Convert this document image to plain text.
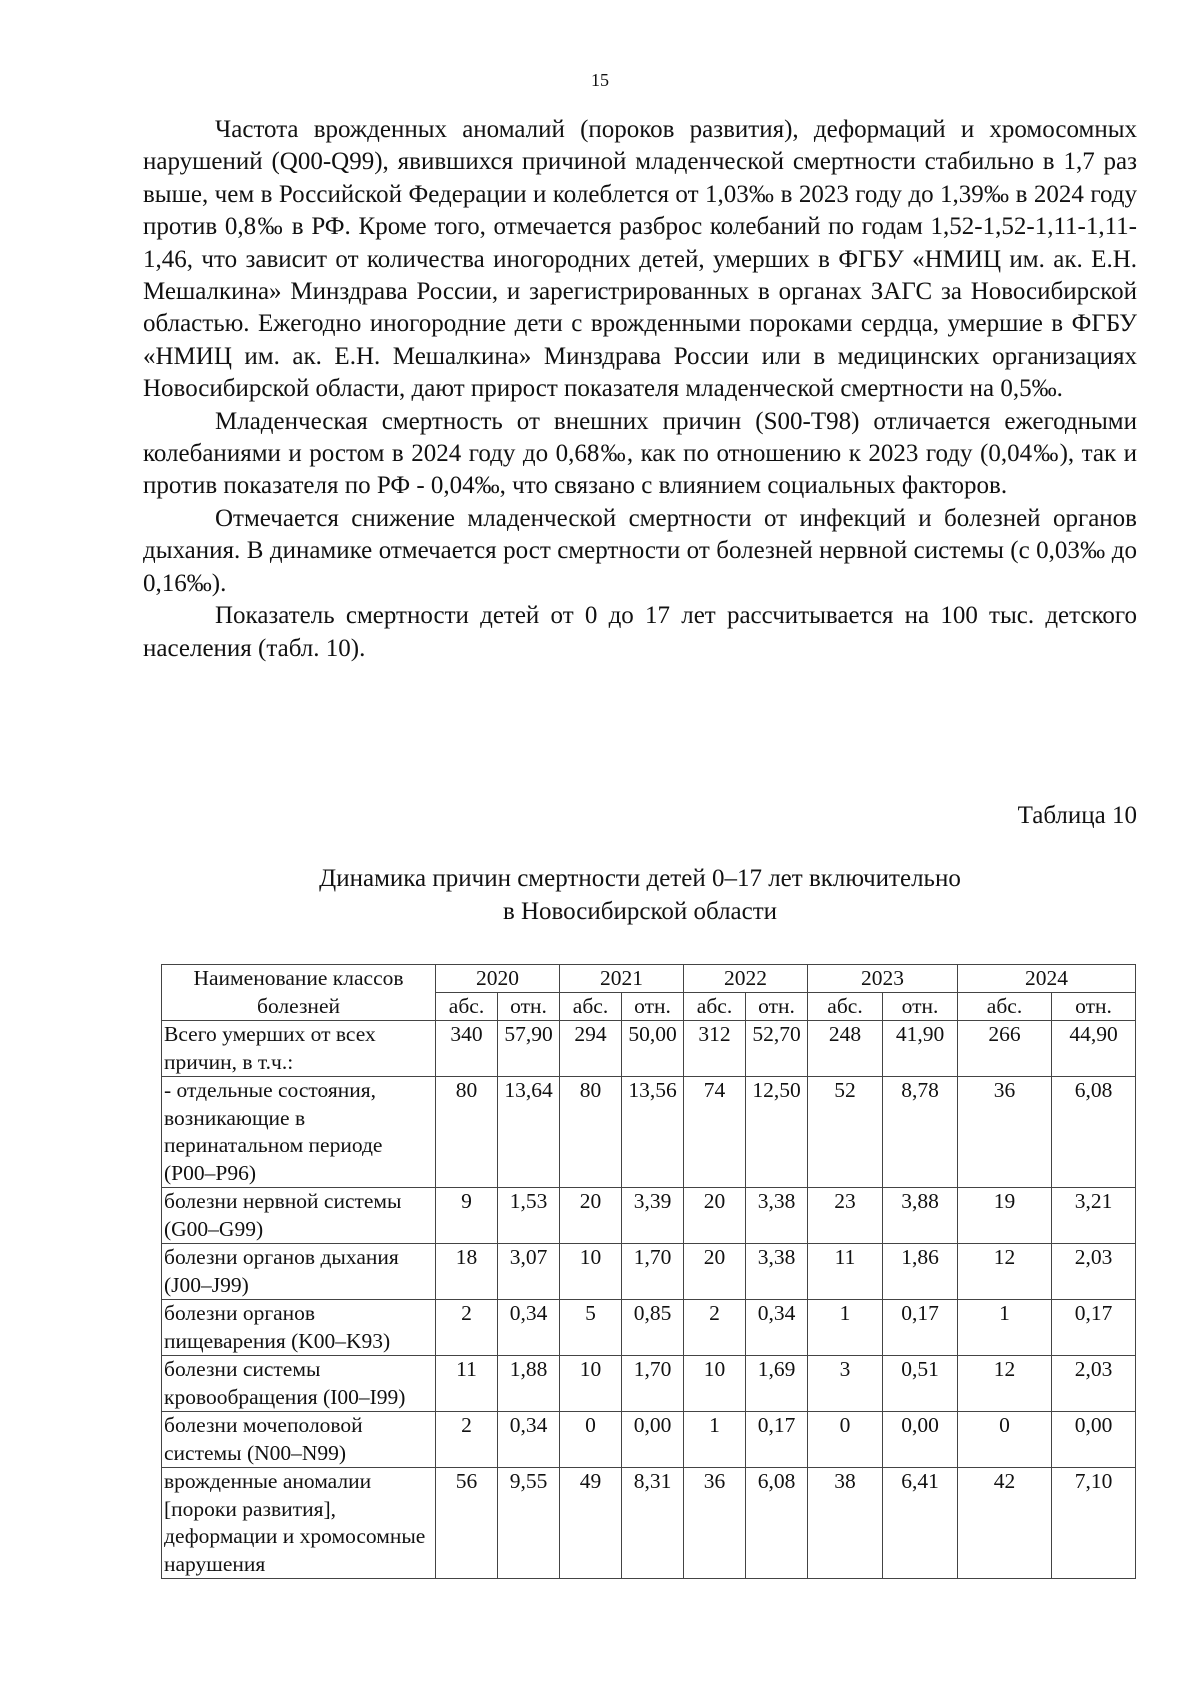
15

Частота врожденных аномалий (пороков развития), деформаций и хромосомных нарушений (Q00-Q99), явившихся причиной младенческой смертности стабильно в 1,7 раз выше, чем в Российской Федерации и колеблется от 1,03‰ в 2023 году до 1,39‰ в 2024 году против 0,8‰ в РФ. Кроме того, отмечается разброс колебаний по годам 1,52-1,52-1,11-1,11-1,46, что зависит от количества иногородних детей, умерших в ФГБУ «НМИЦ им. ак. Е.Н. Мешалкина» Минздрава России, и зарегистрированных в органах ЗАГС за Новосибирской областью. Ежегодно иногородние дети с врожденными пороками сердца, умершие в ФГБУ «НМИЦ им. ак. Е.Н. Мешалкина» Минздрава России или в медицинских организациях Новосибирской области, дают прирост показателя младенческой смертности на 0,5‰.

Младенческая смертность от внешних причин (S00-T98) отличается ежегодными колебаниями и ростом в 2024 году до 0,68‰, как по отношению к 2023 году (0,04‰), так и против показателя по РФ - 0,04‰, что связано с влиянием социальных факторов.

Отмечается снижение младенческой смертности от инфекций и болезней органов дыхания. В динамике отмечается рост смертности от болезней нервной системы (с 0,03‰ до 0,16‰).

Показатель смертности детей от 0 до 17 лет рассчитывается на 100 тыс. детского населения (табл. 10).

Таблица 10
Динамика причин смертности детей 0–17 лет включительно
в Новосибирской области
Наименование классов	2020		2021		2022		2023		2024	
болезней	абс.	отн.	абс.	отн.	абс.	отн.	абс.	отн.	абс.	отн.
Всего умерших от всех причин, в т.ч.:	340	57,90	294	50,00	312	52,70	248	41,90	266	44,90
- отдельные состояния, возникающие в перинатальном периоде (P00–P96)	80	13,64	80	13,56	74	12,50	52	8,78	36	6,08
болезни нервной системы (G00–G99)	9	1,53	20	3,39	20	3,38	23	3,88	19	3,21
болезни органов дыхания (J00–J99)	18	3,07	10	1,70	20	3,38	11	1,86	12	2,03
болезни органов пищеварения (K00–K93)	2	0,34	5	0,85	2	0,34	1	0,17	1	0,17
болезни системы кровообращения (I00–I99)	11	1,88	10	1,70	10	1,69	3	0,51	12	2,03
болезни мочеполовой системы (N00–N99)	2	0,34	0	0,00	1	0,17	0	0,00	0	0,00
врожденные аномалии [пороки развития], деформации и хромосомные нарушения	56	9,55	49	8,31	36	6,08	38	6,41	42	7,10
